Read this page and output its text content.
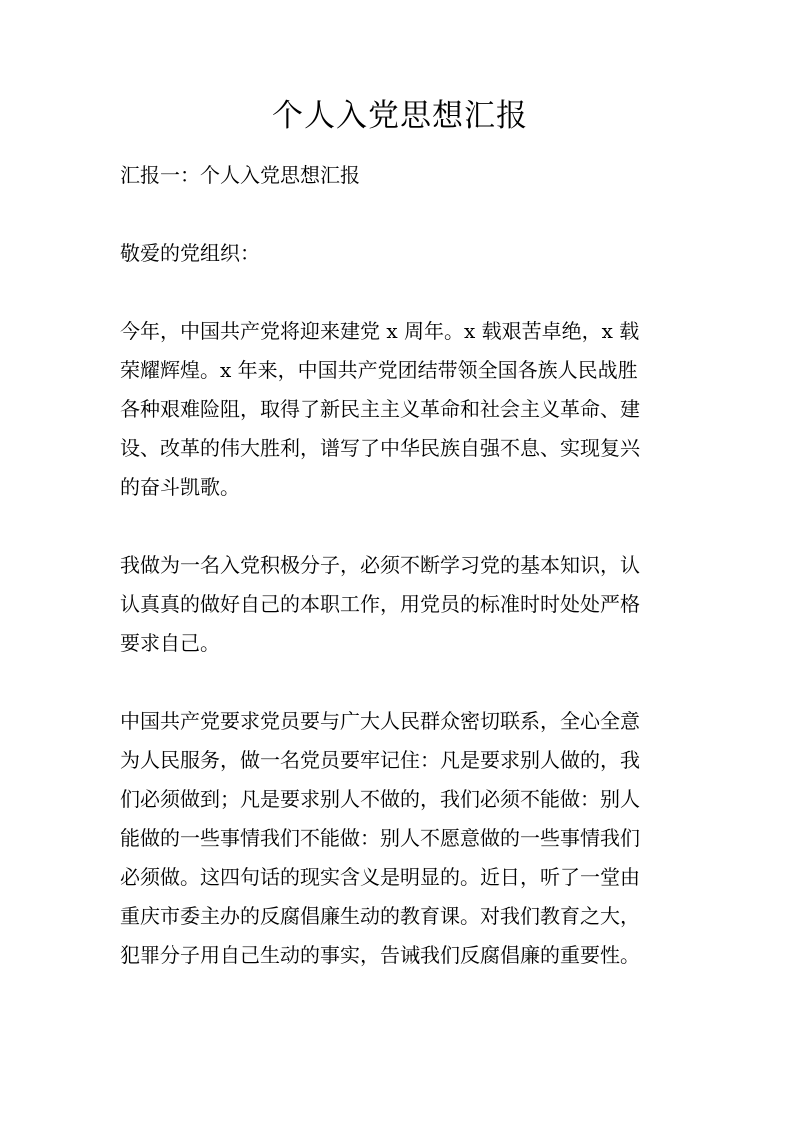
个人入党思想汇报

汇报一：个人入党思想汇报

敬爱的党组织：

今年，中国共产党将迎来建党 x 周年。x 载艰苦卓绝，x 载
荣耀辉煌。x 年来，中国共产党团结带领全国各族人民战胜
各种艰难险阻，取得了新民主主义革命和社会主义革命、建
设、改革的伟大胜利，谱写了中华民族自强不息、实现复兴
的奋斗凯歌。

我做为一名入党积极分子，必须不断学习党的基本知识，认
认真真的做好自己的本职工作，用党员的标准时时处处严格
要求自己。

中国共产党要求党员要与广大人民群众密切联系，全心全意
为人民服务，做一名党员要牢记住：凡是要求别人做的，我
们必须做到；凡是要求别人不做的，我们必须不能做：别人
能做的一些事情我们不能做：别人不愿意做的一些事情我们
必须做。这四句话的现实含义是明显的。近日，听了一堂由
重庆市委主办的反腐倡廉生动的教育课。对我们教育之大，
犯罪分子用自己生动的事实，告诫我们反腐倡廉的重要性。
